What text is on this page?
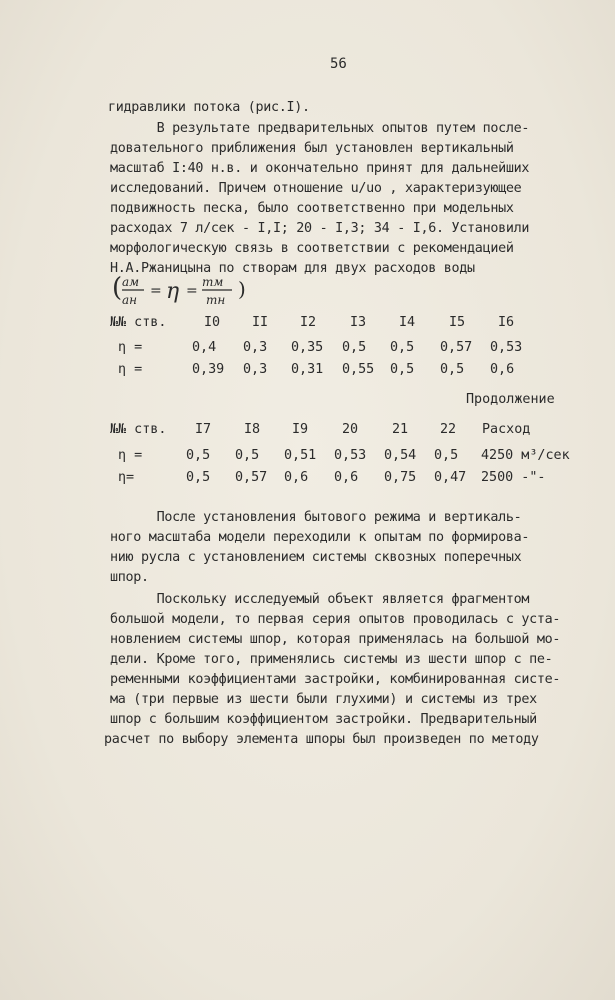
56
гидравлики потока (рис.I).
В результате предварительных опытов путем после-
довательного приближения был установлен вертикальный
масштаб I:40 н.в. и окончательно принят для дальнейших
исследований. Причем отношение u/uо , характеризующее
подвижность песка, было соответственно при модельных
расходах 7 л/сек - I,I; 20 - I,3; 34 - I,6. Установили
морфологическую связь в соответствии с рекомендацией
Н.А.Ржаницына по створам для двух расходов воды
( ам
ан
= η =
mм
mн )
№№ ств.	I0 II I2	I3 I4	I5 I6
η =	0,4 0,3 0,35 0,5 0,5 0,57 0,53
η =	0,39 0,3 0,31 0,55 0,5 0,5 0,6
Продолжение
№№ ств. I7 I8 I9	20	21 22 Расход
η =	0,5 0,5 0,51 0,53 0,54 0,5 4250 м³/сек
η=	0,5 0,57 0,6 0,6 0,75 0,47 2500 -"-
После установления бытового режима и вертикаль-
ного масштаба модели переходили к опытам по формирова-
нию русла с установлением системы сквозных поперечных
шпор.
Поскольку исследуемый объект является фрагментом
большой модели, то первая серия опытов проводилась с уста-
новлением системы шпор, которая применялась на большой мо-
дели. Кроме того, применялись системы из шести шпор с пе-
ременными коэффициентами застройки, комбинированная систе-
ма (три первые из шести были глухими) и системы из трех
шпор с большим коэффициентом застройки. Предварительный
расчет по выбору элемента шпоры был произведен по методу
